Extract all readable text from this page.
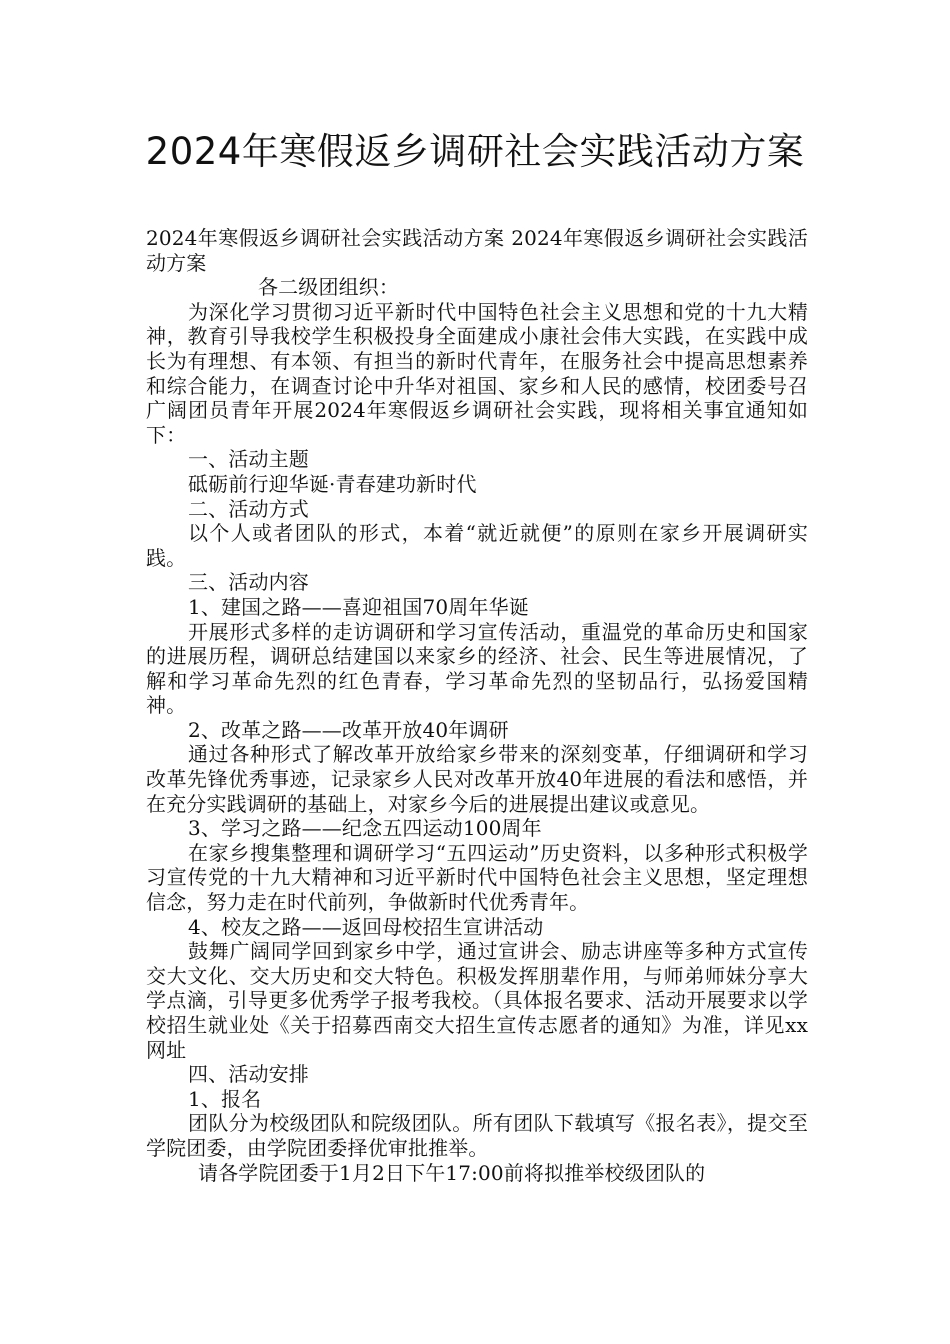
2024年寒假返乡调研社会实践活动方案

2024年寒假返乡调研社会实践活动方案 2024年寒假返乡调研社会实践活动方案

各二级团组织：

为深化学习贯彻习近平新时代中国特色社会主义思想和党的十九大精神，教育引导我校学生积极投身全面建成小康社会伟大实践，在实践中成长为有理想、有本领、有担当的新时代青年，在服务社会中提高思想素养和综合能力，在调查讨论中升华对祖国、家乡和人民的感情，校团委号召广阔团员青年开展2024年寒假返乡调研社会实践，现将相关事宜通知如下：

一、活动主题

砥砺前行迎华诞·青春建功新时代

二、活动方式

以个人或者团队的形式，本着“就近就便”的原则在家乡开展调研实践。

三、活动内容

1、建国之路——喜迎祖国70周年华诞

开展形式多样的走访调研和学习宣传活动，重温党的革命历史和国家的进展历程，调研总结建国以来家乡的经济、社会、民生等进展情况，了解和学习革命先烈的红色青春，学习革命先烈的坚韧品行，弘扬爱国精神。

2、改革之路——改革开放40年调研

通过各种形式了解改革开放给家乡带来的深刻变革，仔细调研和学习改革先锋优秀事迹，记录家乡人民对改革开放40年进展的看法和感悟，并在充分实践调研的基础上，对家乡今后的进展提出建议或意见。

3、学习之路——纪念五四运动100周年

在家乡搜集整理和调研学习“五四运动”历史资料，以多种形式积极学习宣传党的十九大精神和习近平新时代中国特色社会主义思想，坚定理想信念，努力走在时代前列，争做新时代优秀青年。

4、校友之路——返回母校招生宣讲活动

鼓舞广阔同学回到家乡中学，通过宣讲会、励志讲座等多种方式宣传交大文化、交大历史和交大特色。积极发挥朋辈作用，与师弟师妹分享大学点滴，引导更多优秀学子报考我校。（具体报名要求、活动开展要求以学校招生就业处《关于招募西南交大招生宣传志愿者的通知》为准，详见xx网址

四、活动安排

1、报名

团队分为校级团队和院级团队。所有团队下载填写《报名表》，提交至学院团委，由学院团委择优审批推举。

请各学院团委于1月2日下午17:00前将拟推举校级团队的
